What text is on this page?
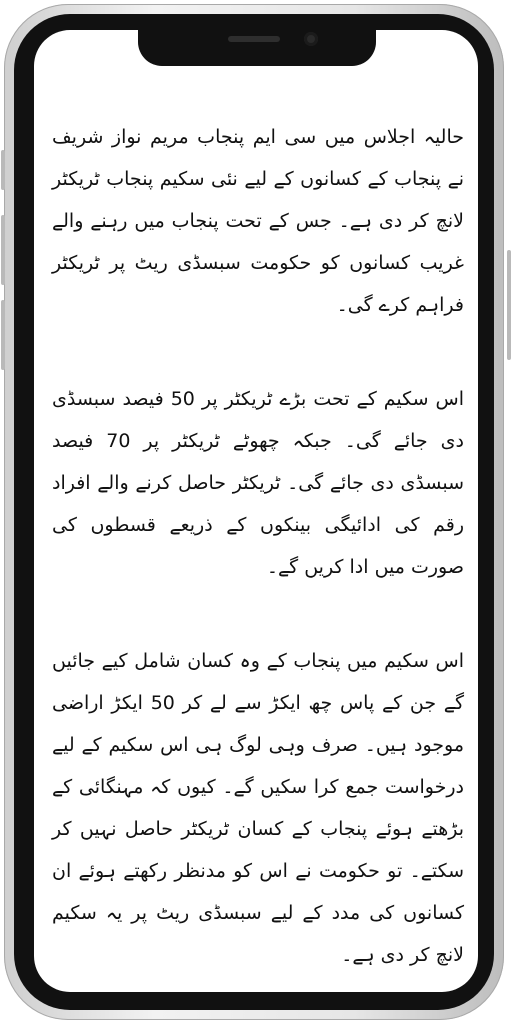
حالیہ اجلاس میں سی ایم پنجاب مریم نواز شریف نے پنجاب کے کسانوں کے لیے نئی سکیم پنجاب ٹریکٹر لانچ کر دی ہے۔ جس کے تحت پنجاب میں رہنے والے غریب کسانوں کو حکومت سبسڈی ریٹ پر ٹریکٹر فراہم کرے گی۔

اس سکیم کے تحت بڑے ٹریکٹر پر 50 فیصد سبسڈی دی جائے گی۔ جبکہ چھوٹے ٹریکٹر پر 70 فیصد سبسڈی دی جائے گی۔ ٹریکٹر حاصل کرنے والے افراد رقم کی ادائیگی بینکوں کے ذریعے قسطوں کی صورت میں ادا کریں گے۔

اس سکیم میں پنجاب کے وہ کسان شامل کیے جائیں گے جن کے پاس چھ ایکڑ سے لے کر 50 ایکڑ اراضی موجود ہیں۔ صرف وہی لوگ ہی اس سکیم کے لیے درخواست جمع کرا سکیں گے۔ کیوں کہ مہنگائی کے بڑھتے ہوئے پنجاب کے کسان ٹریکٹر حاصل نہیں کر سکتے۔ تو حکومت نے اس کو مدنظر رکھتے ہوئے ان کسانوں کی مدد کے لیے سبسڈی ریٹ پر یہ سکیم لانچ کر دی ہے۔
